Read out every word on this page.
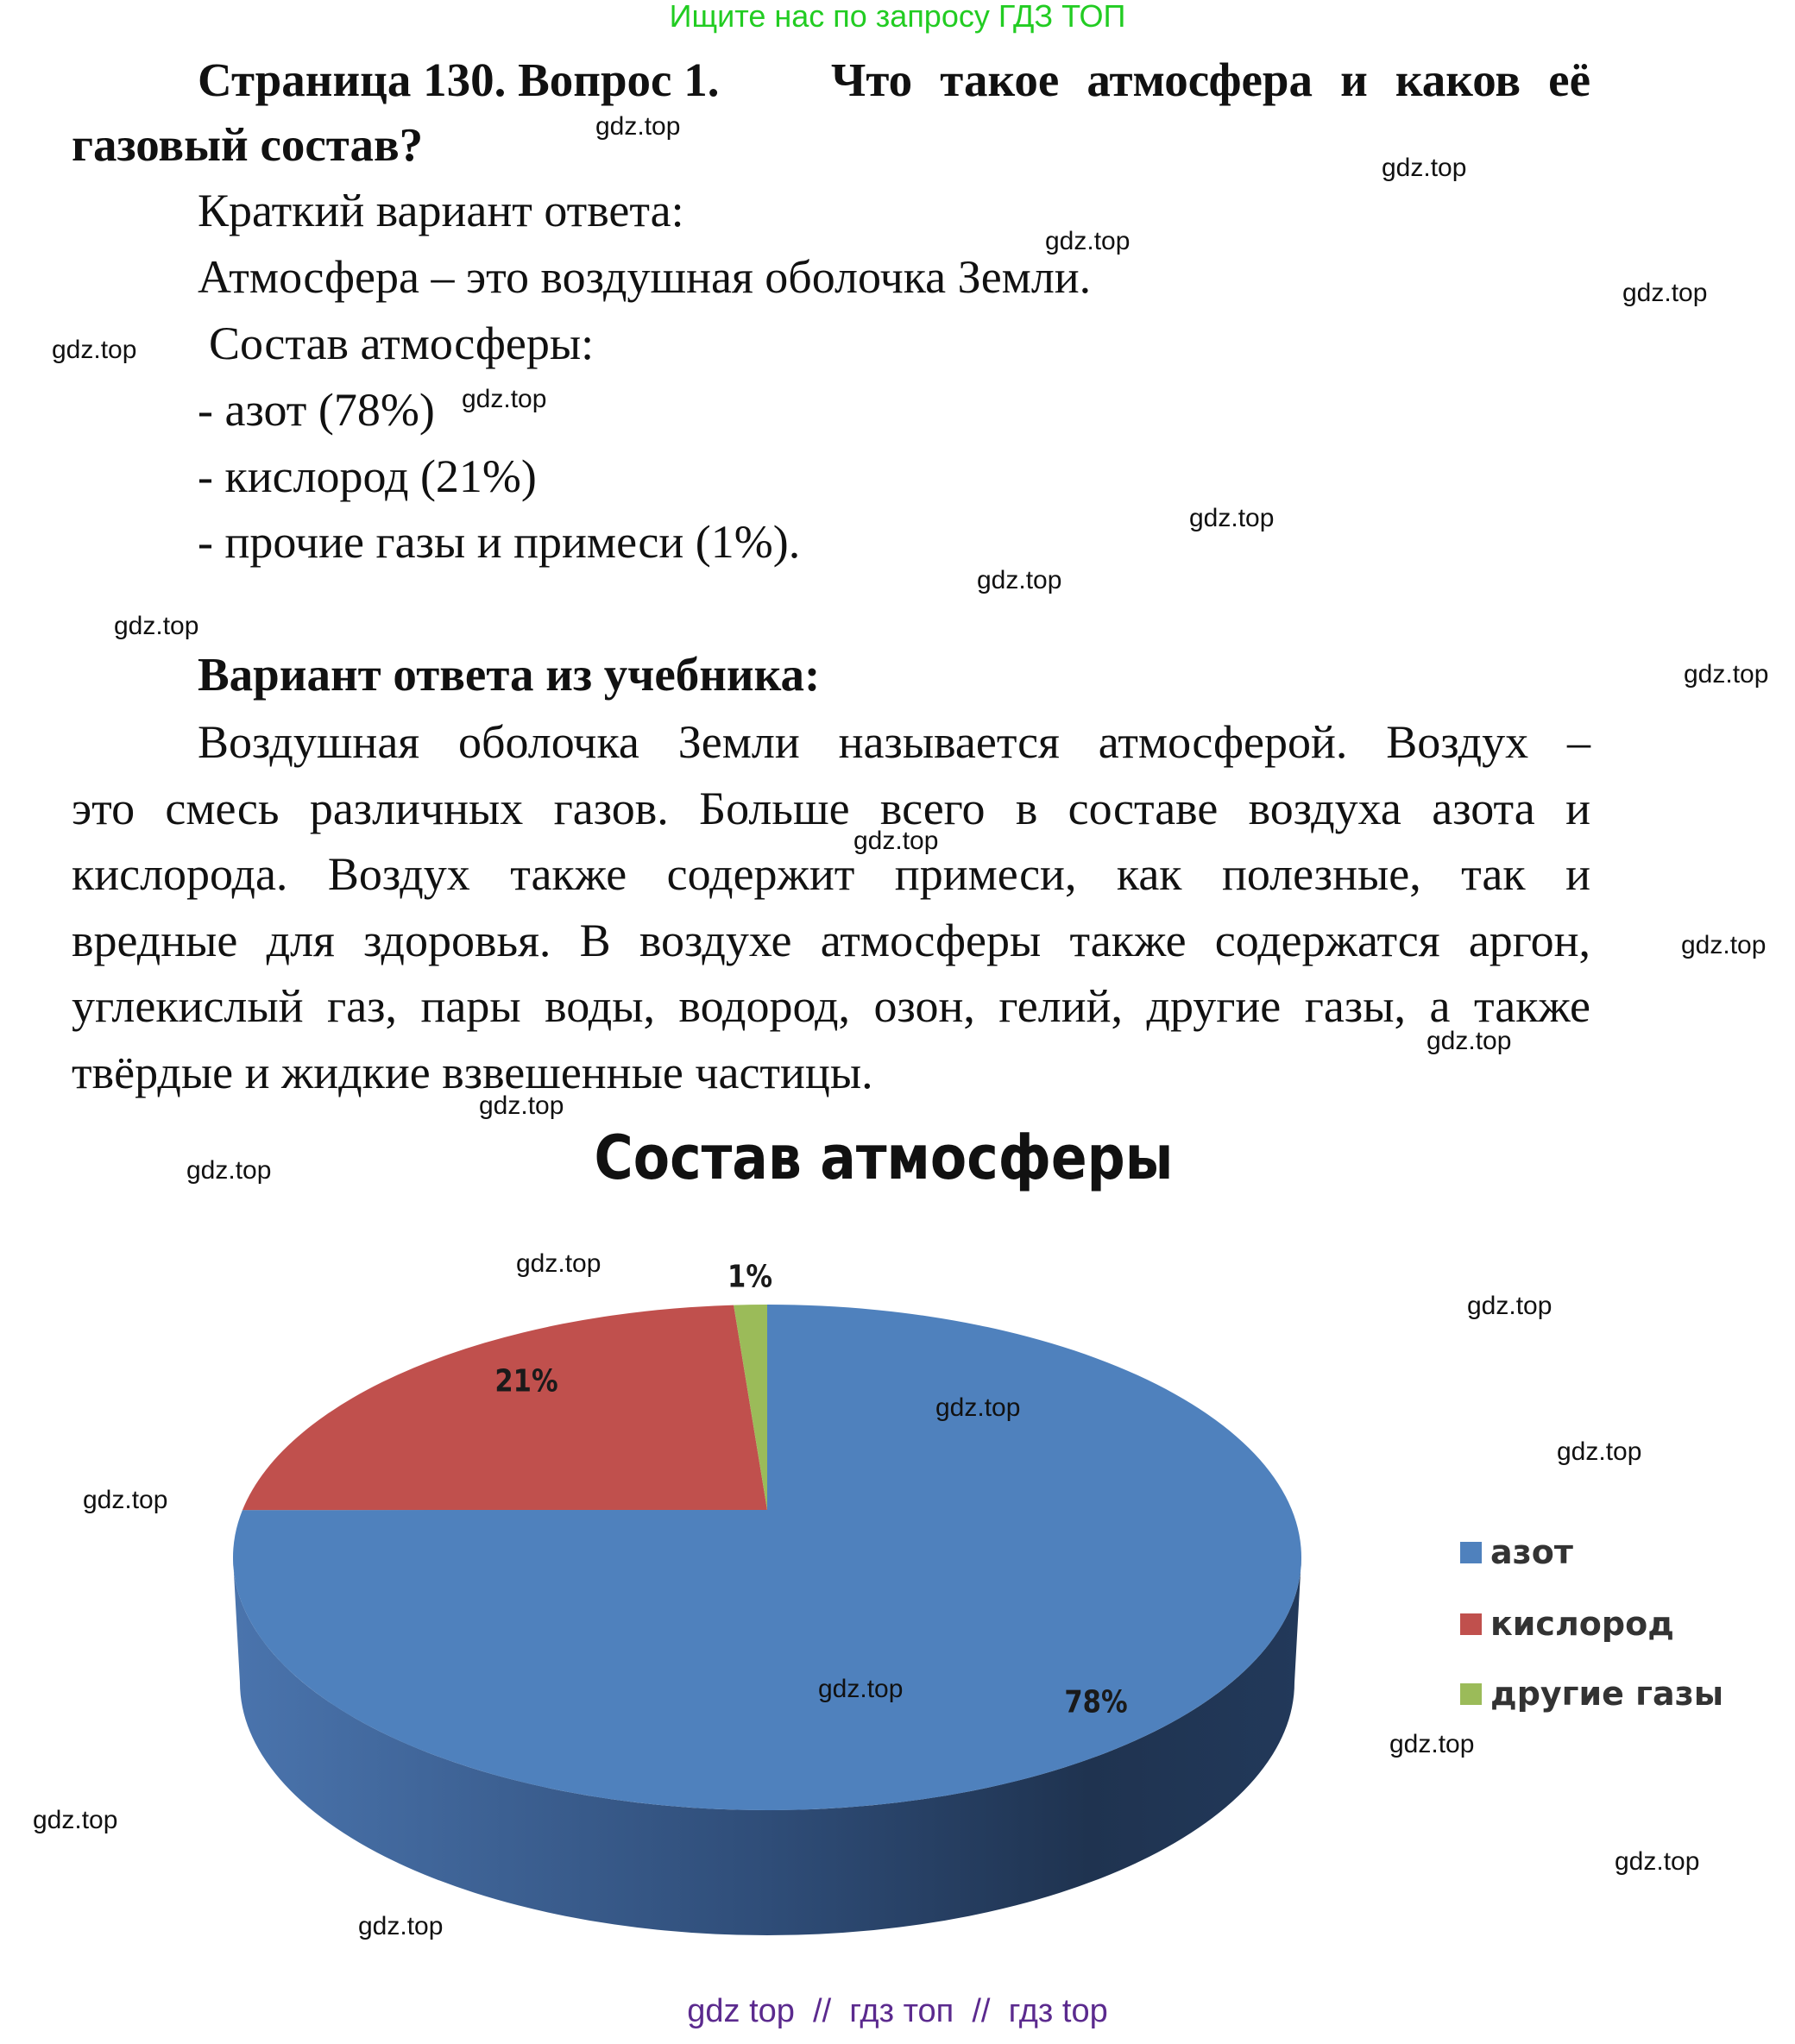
Ищите нас по запросу ГДЗ ТОП
Страница 130. Вопрос 1. Что такое атмосфера и каков её
газовый состав?
Краткий вариант ответа:
Атмосфера – это воздушная оболочка Земли.
Состав атмосферы:
- азот (78%)
- кислород (21%)
- прочие газы и примеси (1%).
Вариант ответа из учебника:
Воздушная оболочка Земли называется атмосферой. Воздух –
это смесь различных газов. Больше всего в составе воздуха азота и
кислорода. Воздух также содержит примеси, как полезные, так и
вредные для здоровья. В воздухе атмосферы также содержатся аргон,
углекислый газ, пары воды, водород, озон, гелий, другие газы, а также
твёрдые и жидкие взвешенные частицы.
Состав атмосферы
1%
21%
78%
азот
кислород
другие газы
gdz.top
gdz.top
gdz.top
gdz.top
gdz.top
gdz.top
gdz.top
gdz.top
gdz.top
gdz.top
gdz.top
gdz.top
gdz.top
gdz.top
gdz.top
gdz.top
gdz.top
gdz.top
gdz.top
gdz.top
gdz.top
gdz.top
gdz.top
gdz.top
gdz.top
gdz top  //  гдз топ  //  гдз top
